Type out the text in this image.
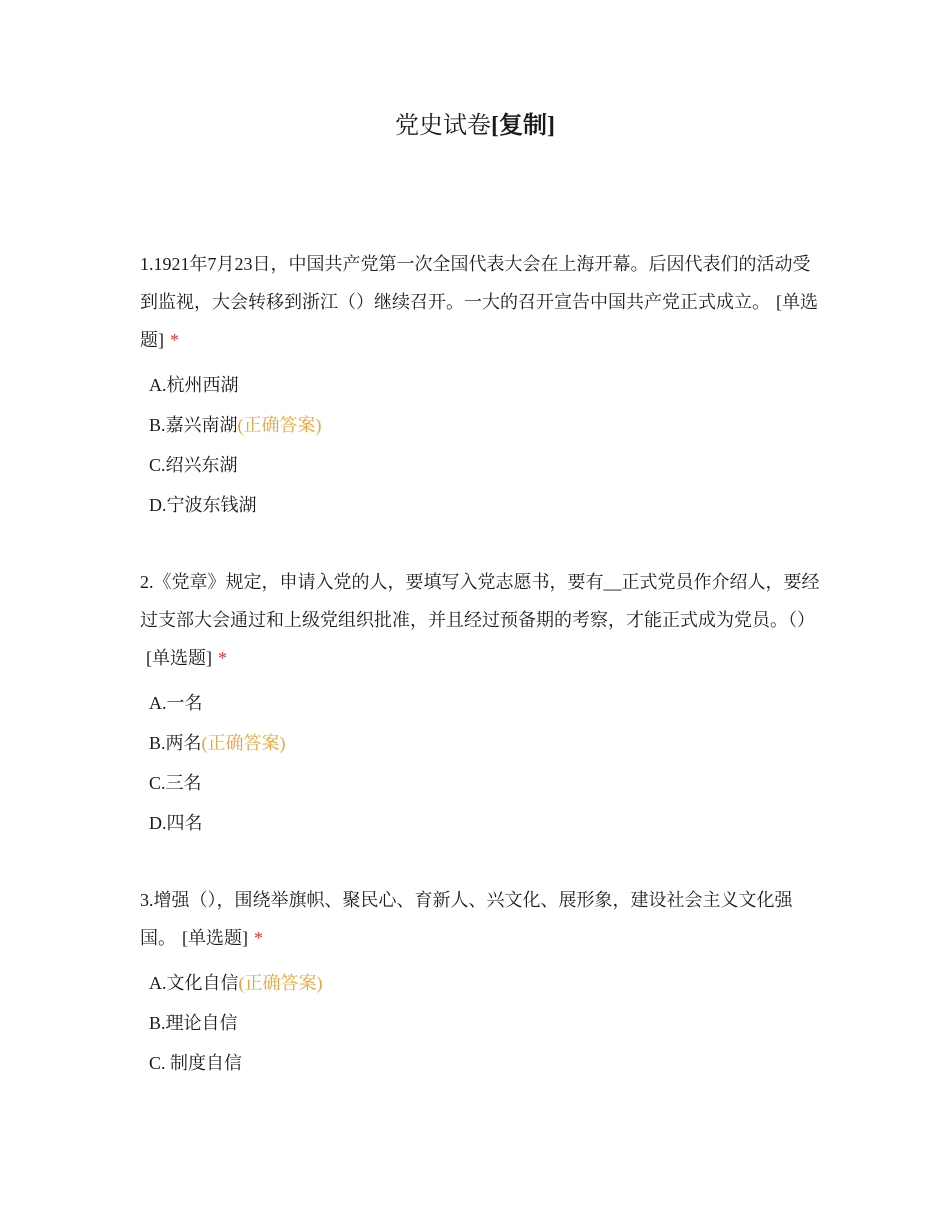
党史试卷[复制]

1.1921年7月23日，中国共产党第一次全国代表大会在上海开幕。后因代表们的活动受到监视，大会转移到浙江（）继续召开。一大的召开宣告中国共产党正式成立。 [单选题] *

A.杭州西湖
B.嘉兴南湖(正确答案)
C.绍兴东湖
D.宁波东钱湖

2.《党章》规定，申请入党的人，要填写入党志愿书，要有__正式党员作介绍人，要经过支部大会通过和上级党组织批准，并且经过预备期的考察，才能正式成为党员。（）[单选题] *

A.一名
B.两名(正确答案)
C.三名
D.四名

3.增强（），围绕举旗帜、聚民心、育新人、兴文化、展形象，建设社会主义文化强国。 [单选题] *

A.文化自信(正确答案)
B.理论自信
C. 制度自信
